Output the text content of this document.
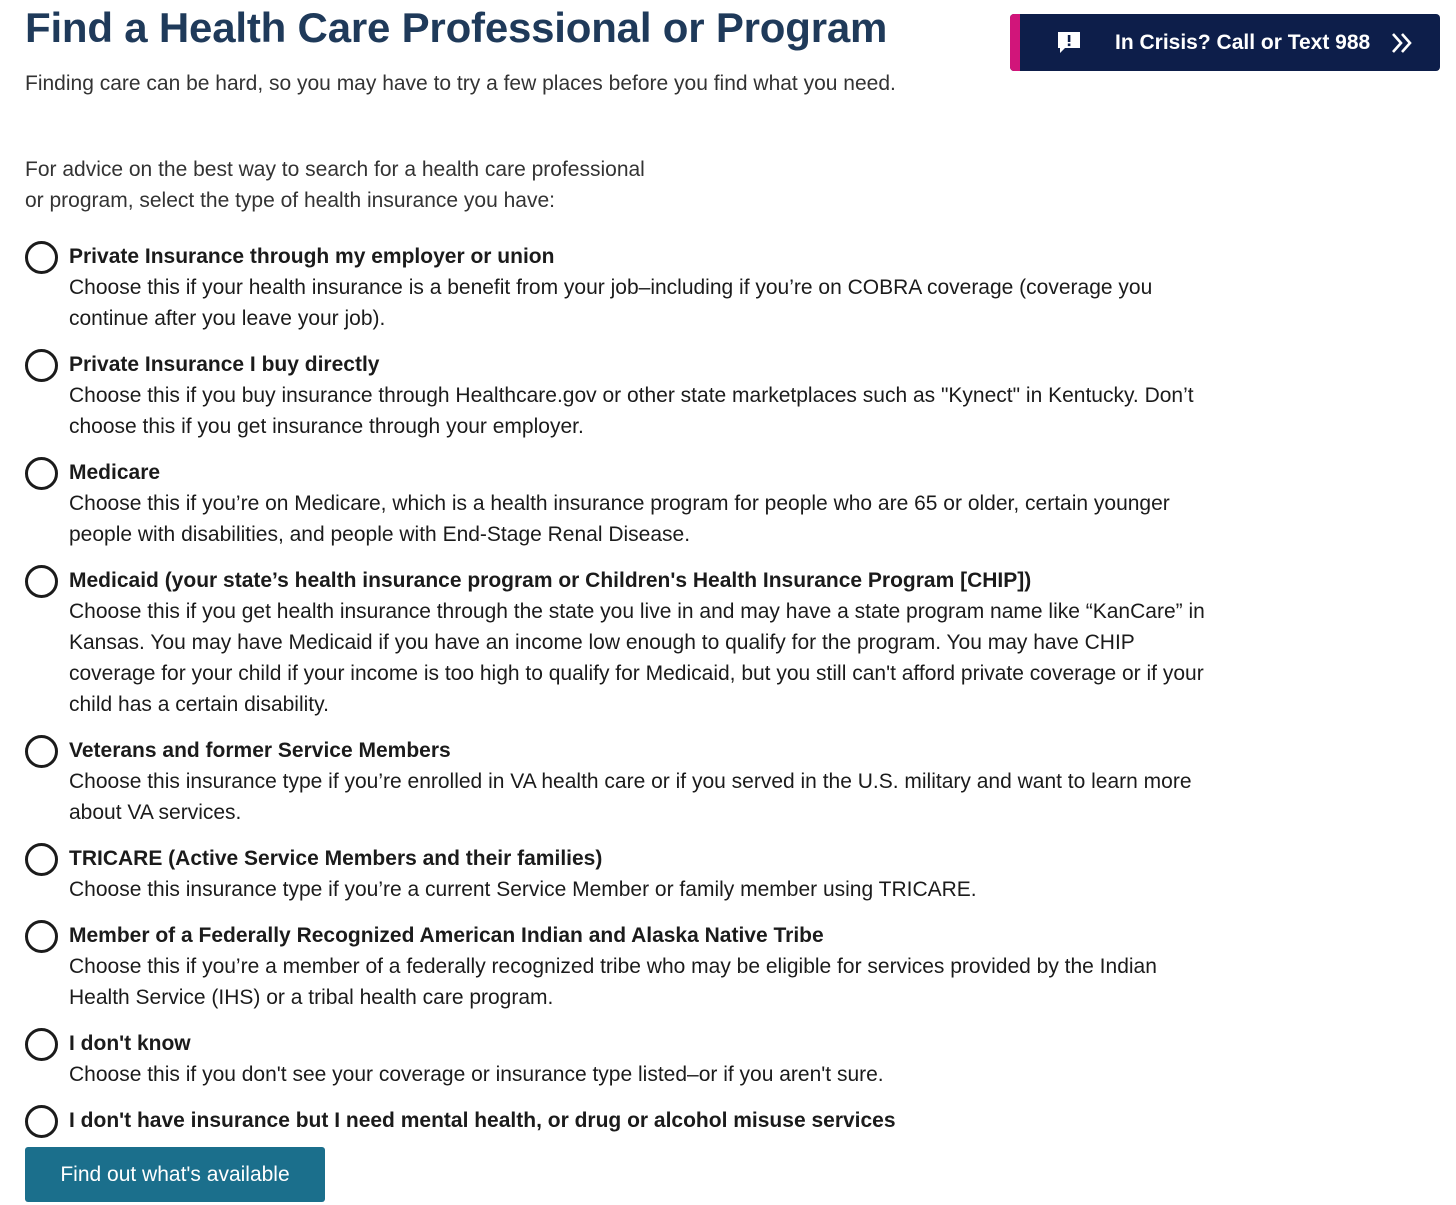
Find a Health Care Professional or Program

Finding care can be hard, so you may have to try a few places before you find what you need.

In Crisis? Call or Text 988
For advice on the best way to search for a health care professional
or program, select the type of health insurance you have:
Private Insurance through my employer or union
Choose this if your health insurance is a benefit from your job–including if you’re on COBRA coverage (coverage you continue after you leave your job).
Private Insurance I buy directly
Choose this if you buy insurance through Healthcare.gov or other state marketplaces such as "Kynect" in Kentucky. Don’t choose this if you get insurance through your employer.
Medicare
Choose this if you’re on Medicare, which is a health insurance program for people who are 65 or older, certain younger people with disabilities, and people with End-Stage Renal Disease.
Medicaid (your state’s health insurance program or Children's Health Insurance Program [CHIP])
Choose this if you get health insurance through the state you live in and may have a state program name like “KanCare” in Kansas. You may have Medicaid if you have an income low enough to qualify for the program. You may have CHIP coverage for your child if your income is too high to qualify for Medicaid, but you still can't afford private coverage or if your child has a certain disability.
Veterans and former Service Members
Choose this insurance type if you’re enrolled in VA health care or if you served in the U.S. military and want to learn more about VA services.
TRICARE (Active Service Members and their families)
Choose this insurance type if you’re a current Service Member or family member using TRICARE.
Member of a Federally Recognized American Indian and Alaska Native Tribe
Choose this if you’re a member of a federally recognized tribe who may be eligible for services provided by the Indian Health Service (IHS) or a tribal health care program.
I don't know
Choose this if you don't see your coverage or insurance type listed–or if you aren't sure.
I don't have insurance but I need mental health, or drug or alcohol misuse services
Find out what's available
